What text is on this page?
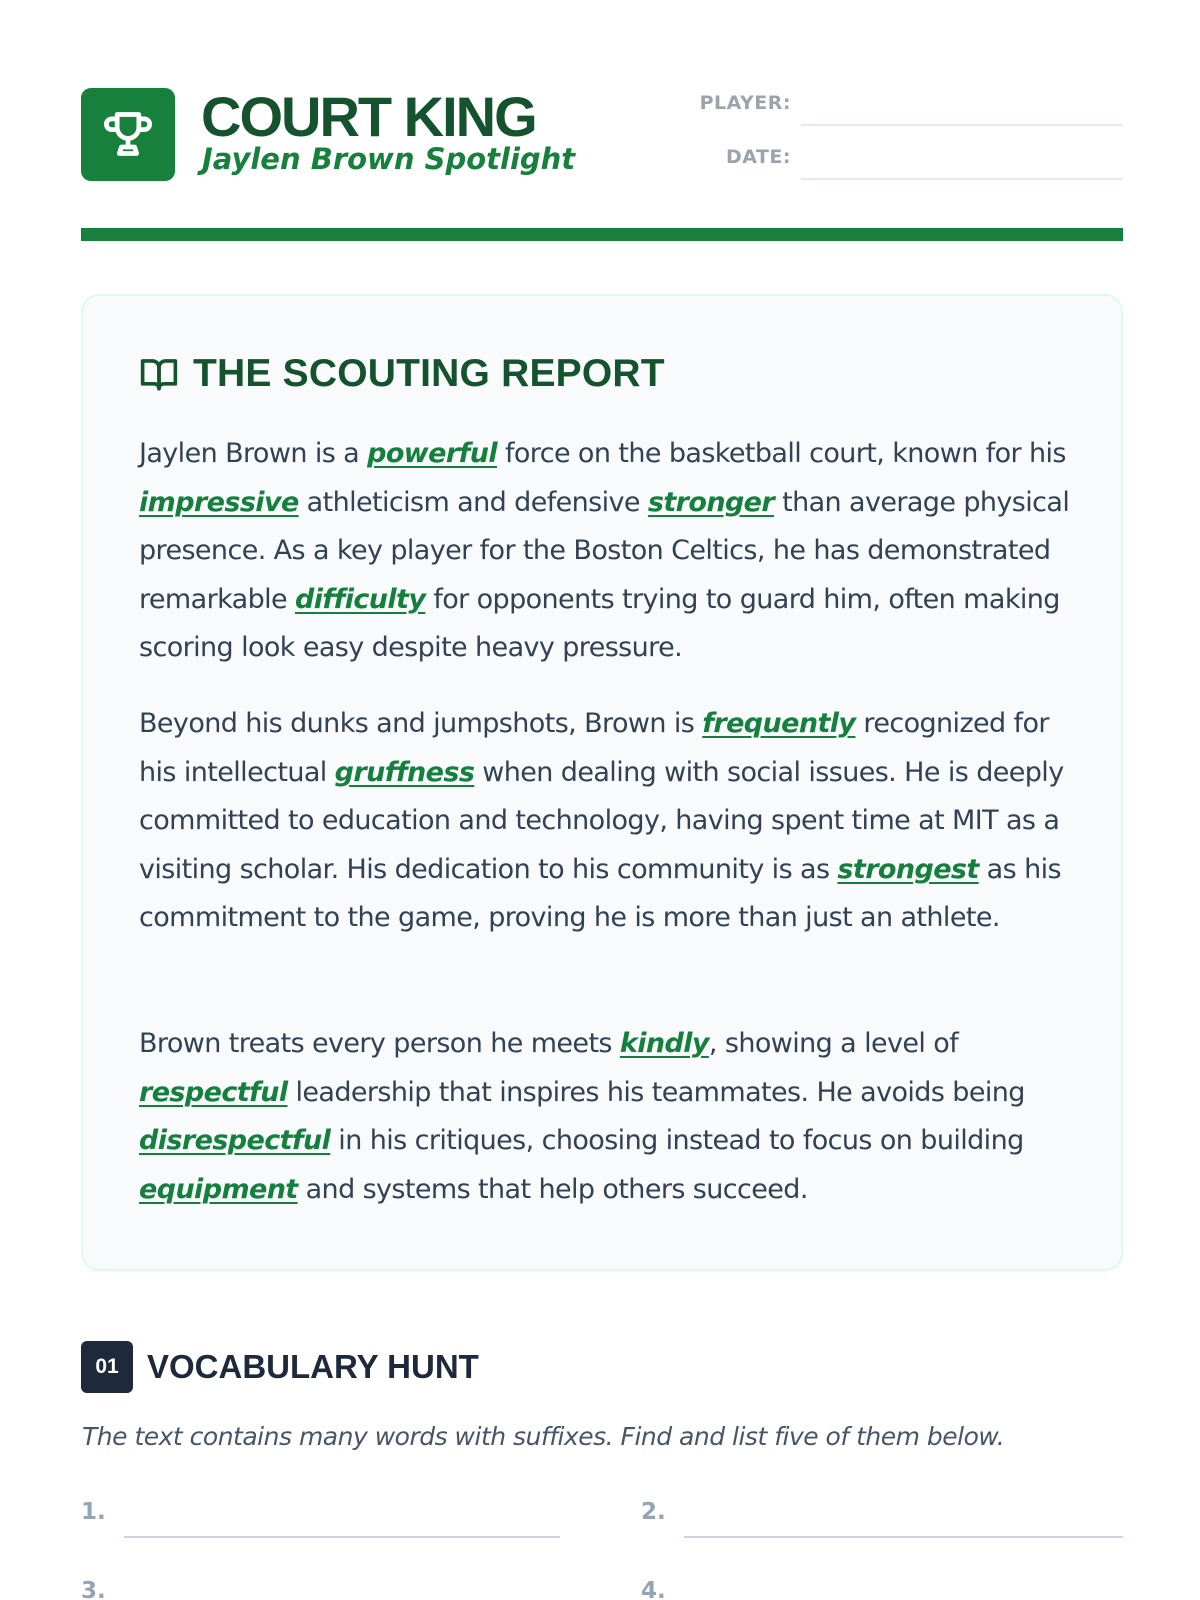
COURT KING
Jaylen Brown Spotlight
PLAYER:
DATE:
THE SCOUTING REPORT

Jaylen Brown is a powerful force on the basketball court, known for his impressive athleticism and defensive stronger than average physical presence. As a key player for the Boston Celtics, he has demonstrated remarkable difficulty for opponents trying to guard him, often making scoring look easy despite heavy pressure.

Beyond his dunks and jumpshots, Brown is frequently recognized for his intellectual gruffness when dealing with social issues. He is deeply committed to education and technology, having spent time at MIT as a visiting scholar. His dedication to his community is as strongest as his commitment to the game, proving he is more than just an athlete.

Brown treats every person he meets kindly, showing a level of respectful leadership that inspires his teammates. He avoids being disrespectful in his critiques, choosing instead to focus on building equipment and systems that help others succeed.

01 VOCABULARY HUNT
The text contains many words with suffixes. Find and list five of them below.
1.	2.
3.	4.
